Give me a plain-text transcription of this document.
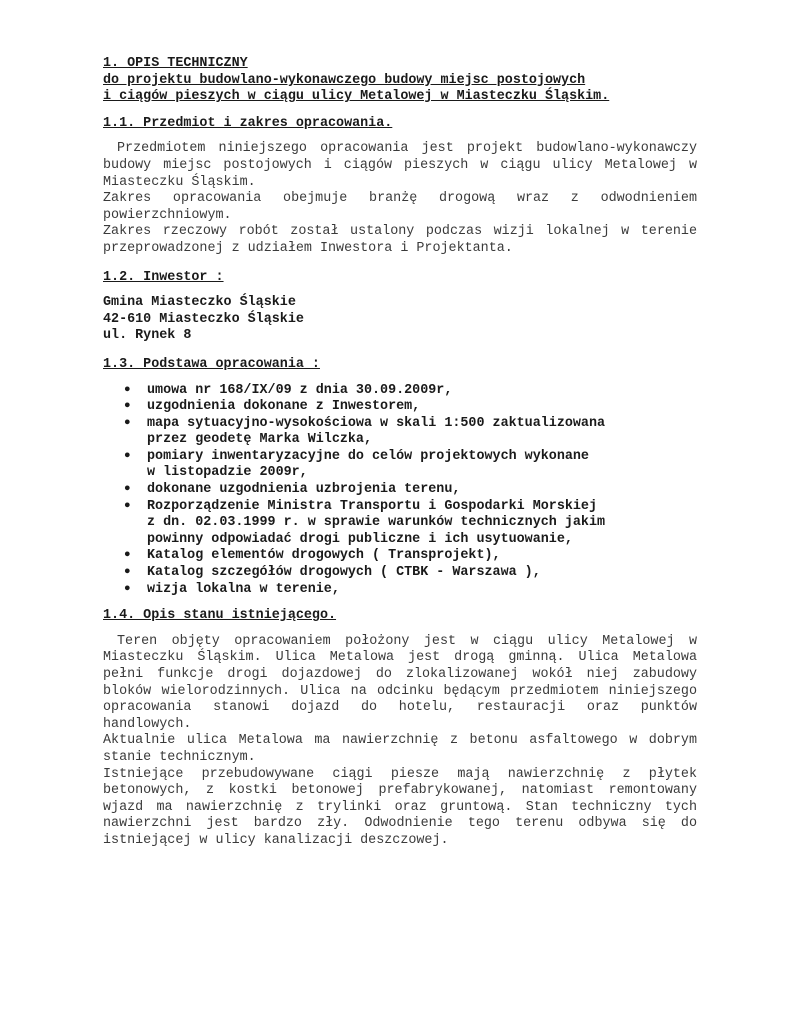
1. OPIS TECHNICZNY
do projektu budowlano-wykonawczego budowy miejsc postojowych
i ciągów pieszych w ciągu ulicy Metalowej w Miasteczku Śląskim.
1.1. Przedmiot i zakres opracowania.

Przedmiotem niniejszego opracowania jest projekt budowlano-wykonawczy budowy miejsc postojowych i ciągów pieszych w ciągu ulicy Metalowej w Miasteczku Śląskim.

Zakres opracowania obejmuje branżę drogową wraz z odwodnieniem powierzchniowym.

Zakres rzeczowy robót został ustalony podczas wizji lokalnej w terenie przeprowadzonej z udziałem Inwestora i Projektanta.

1.2. Inwestor :
Gmina Miasteczko Śląskie
42-610 Miasteczko Śląskie
ul. Rynek 8
1.3. Podstawa opracowania :
• umowa nr 168/IX/09 z dnia 30.09.2009r,
• uzgodnienia dokonane z Inwestorem,
• mapa sytuacyjno-wysokościowa w skali 1:500 zaktualizowana
przez geodetę Marka Wilczka,
• pomiary inwentaryzacyjne do celów projektowych wykonane
w listopadzie 2009r,
• dokonane uzgodnienia uzbrojenia terenu,
• Rozporządzenie Ministra Transportu i Gospodarki Morskiej
z dn. 02.03.1999 r. w sprawie warunków technicznych jakim
powinny odpowiadać drogi publiczne i ich usytuowanie,
• Katalog elementów drogowych ( Transprojekt),
• Katalog szczegółów drogowych ( CTBK - Warszawa ),
• wizja lokalna w terenie,
1.4. Opis stanu istniejącego.

Teren objęty opracowaniem położony jest w ciągu ulicy Metalowej w Miasteczku Śląskim. Ulica Metalowa jest drogą gminną. Ulica Metalowa pełni funkcje drogi dojazdowej do zlokalizowanej wokół niej zabudowy bloków wielorodzinnych. Ulica na odcinku będącym przedmiotem niniejszego opracowania stanowi dojazd do hotelu, restauracji oraz punktów handlowych.

Aktualnie ulica Metalowa ma nawierzchnię z betonu asfaltowego w dobrym stanie technicznym.

Istniejące przebudowywane ciągi piesze mają nawierzchnię z płytek betonowych, z kostki betonowej prefabrykowanej, natomiast remontowany wjazd ma nawierzchnię z trylinki oraz gruntową. Stan techniczny tych nawierzchni jest bardzo zły. Odwodnienie tego terenu odbywa się do istniejącej w ulicy kanalizacji deszczowej.
